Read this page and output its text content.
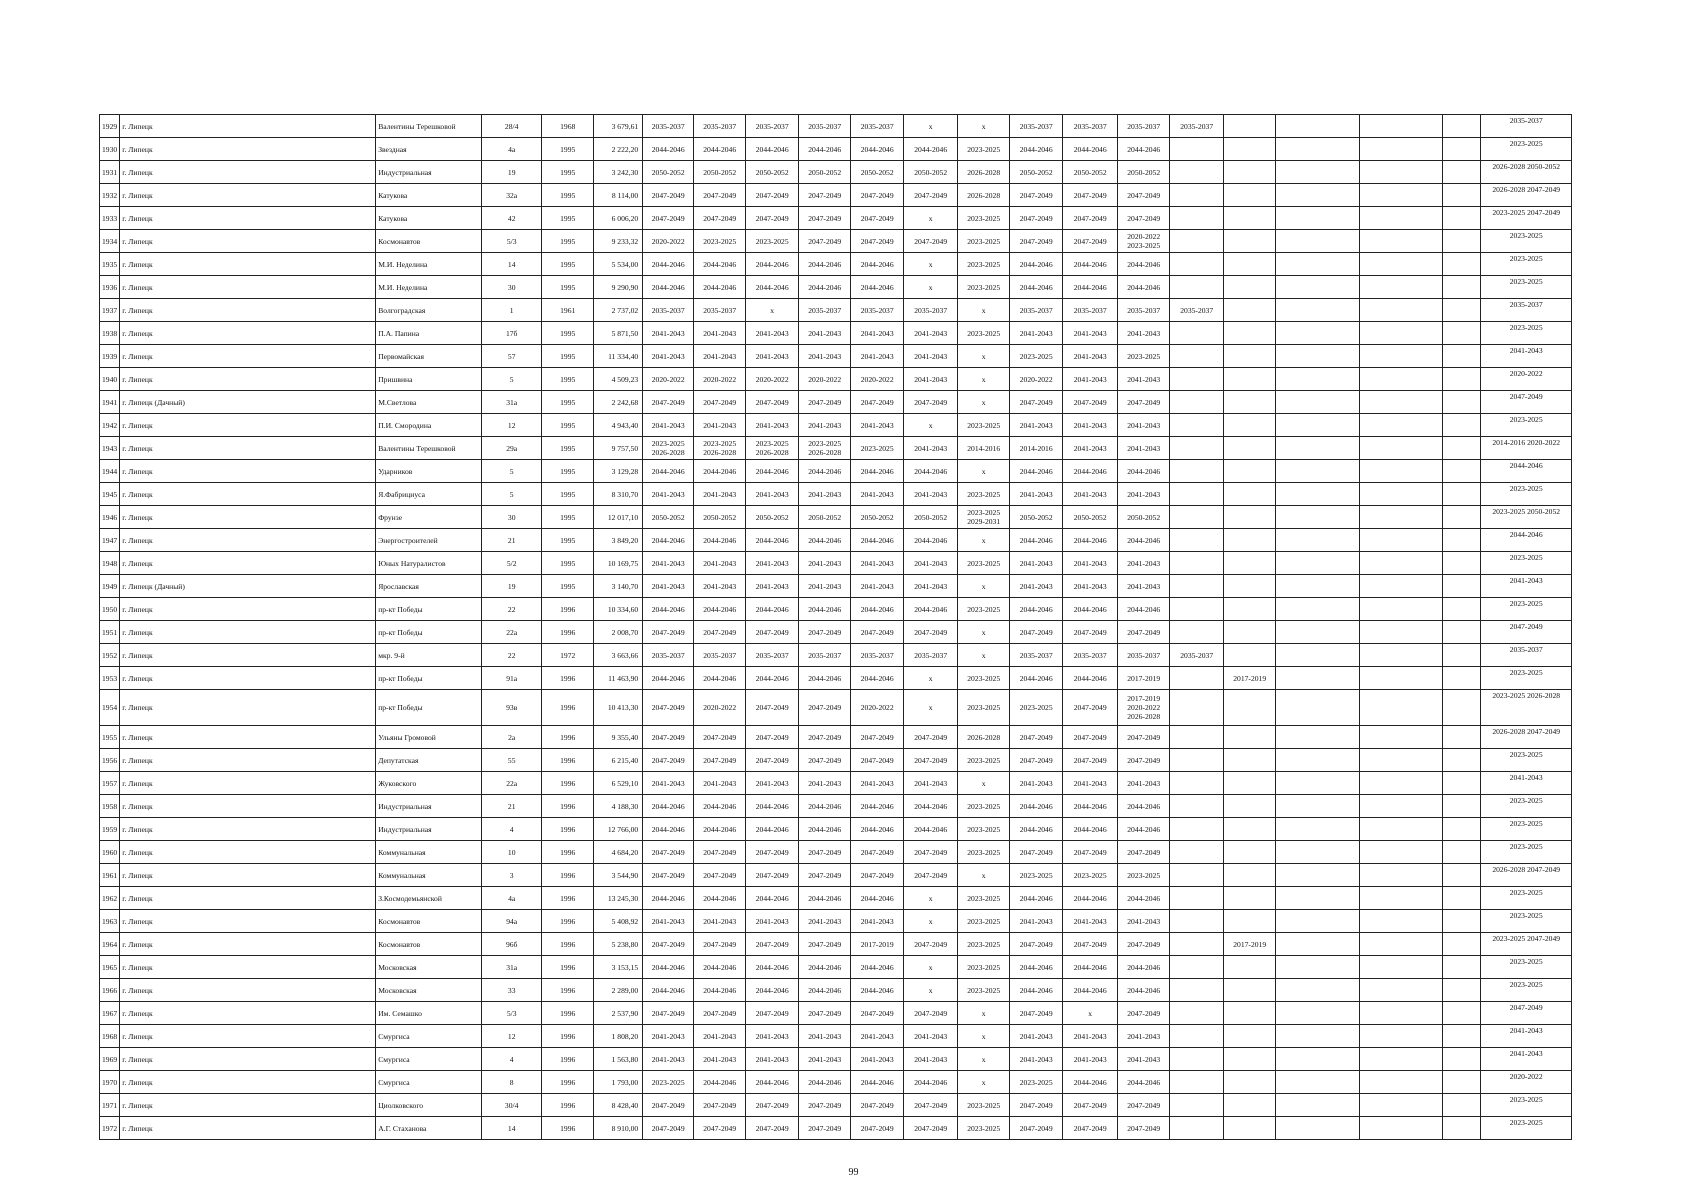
1929	г. Липецк	Валентины Терешковой	28/4	1968	3 679,61	2035-2037	2035-2037	2035-2037	2035-2037	2035-2037	х	х	2035-2037	2035-2037	2035-2037	2035-2037					2035-2037
1930	г. Липецк	Звездная	4а	1995	2 222,20	2044-2046	2044-2046	2044-2046	2044-2046	2044-2046	2044-2046	2023-2025	2044-2046	2044-2046	2044-2046						2023-2025
1931	г. Липецк	Индустриальная	19	1995	3 242,30	2050-2052	2050-2052	2050-2052	2050-2052	2050-2052	2050-2052	2026-2028	2050-2052	2050-2052	2050-2052						2026-2028 2050-2052
1932	г. Липецк	Катукова	32а	1995	8 114,00	2047-2049	2047-2049	2047-2049	2047-2049	2047-2049	2047-2049	2026-2028	2047-2049	2047-2049	2047-2049						2026-2028 2047-2049
1933	г. Липецк	Катукова	42	1995	6 006,20	2047-2049	2047-2049	2047-2049	2047-2049	2047-2049	х	2023-2025	2047-2049	2047-2049	2047-2049						2023-2025 2047-2049
1934	г. Липецк	Космонавтов	5/3	1995	9 233,32	2020-2022	2023-2025	2023-2025	2047-2049	2047-2049	2047-2049	2023-2025	2047-2049	2047-2049	2020-2022 2023-2025						2023-2025
1935	г. Липецк	М.И. Неделина	14	1995	5 534,00	2044-2046	2044-2046	2044-2046	2044-2046	2044-2046	х	2023-2025	2044-2046	2044-2046	2044-2046						2023-2025
1936	г. Липецк	М.И. Неделина	30	1995	9 290,90	2044-2046	2044-2046	2044-2046	2044-2046	2044-2046	х	2023-2025	2044-2046	2044-2046	2044-2046						2023-2025
1937	г. Липецк	Волгоградская	1	1961	2 737,02	2035-2037	2035-2037	х	2035-2037	2035-2037	2035-2037	х	2035-2037	2035-2037	2035-2037	2035-2037					2035-2037
1938	г. Липецк	П.А. Папина	17б	1995	5 871,50	2041-2043	2041-2043	2041-2043	2041-2043	2041-2043	2041-2043	2023-2025	2041-2043	2041-2043	2041-2043						2023-2025
1939	г. Липецк	Первомайская	57	1995	11 334,40	2041-2043	2041-2043	2041-2043	2041-2043	2041-2043	2041-2043	х	2023-2025	2041-2043	2023-2025						2041-2043
1940	г. Липецк	Пришвина	5	1995	4 509,23	2020-2022	2020-2022	2020-2022	2020-2022	2020-2022	2041-2043	х	2020-2022	2041-2043	2041-2043						2020-2022
1941	г. Липецк (Дачный)	М.Светлова	31а	1995	2 242,68	2047-2049	2047-2049	2047-2049	2047-2049	2047-2049	2047-2049	х	2047-2049	2047-2049	2047-2049						2047-2049
1942	г. Липецк	П.И. Смородина	12	1995	4 943,40	2041-2043	2041-2043	2041-2043	2041-2043	2041-2043	х	2023-2025	2041-2043	2041-2043	2041-2043						2023-2025
1943	г. Липецк	Валентины Терешковой	29а	1995	9 757,50	2023-2025 2026-2028	2023-2025 2026-2028	2023-2025 2026-2028	2023-2025 2026-2028	2023-2025	2041-2043	2014-2016	2014-2016	2041-2043	2041-2043						2014-2016 2020-2022
1944	г. Липецк	Ударников	5	1995	3 129,28	2044-2046	2044-2046	2044-2046	2044-2046	2044-2046	2044-2046	х	2044-2046	2044-2046	2044-2046						2044-2046
1945	г. Липецк	Я.Фабрициуса	5	1995	8 310,70	2041-2043	2041-2043	2041-2043	2041-2043	2041-2043	2041-2043	2023-2025	2041-2043	2041-2043	2041-2043						2023-2025
1946	г. Липецк	Фрунзе	30	1995	12 017,10	2050-2052	2050-2052	2050-2052	2050-2052	2050-2052	2050-2052	2023-2025 2029-2031	2050-2052	2050-2052	2050-2052						2023-2025 2050-2052
1947	г. Липецк	Энергостроителей	21	1995	3 849,20	2044-2046	2044-2046	2044-2046	2044-2046	2044-2046	2044-2046	х	2044-2046	2044-2046	2044-2046						2044-2046
1948	г. Липецк	Юных Натуралистов	5/2	1995	10 169,75	2041-2043	2041-2043	2041-2043	2041-2043	2041-2043	2041-2043	2023-2025	2041-2043	2041-2043	2041-2043						2023-2025
1949	г. Липецк (Дачный)	Ярославская	19	1995	3 140,70	2041-2043	2041-2043	2041-2043	2041-2043	2041-2043	2041-2043	х	2041-2043	2041-2043	2041-2043						2041-2043
1950	г. Липецк	пр-кт Победы	22	1996	10 334,60	2044-2046	2044-2046	2044-2046	2044-2046	2044-2046	2044-2046	2023-2025	2044-2046	2044-2046	2044-2046						2023-2025
1951	г. Липецк	пр-кт Победы	22а	1996	2 008,70	2047-2049	2047-2049	2047-2049	2047-2049	2047-2049	2047-2049	х	2047-2049	2047-2049	2047-2049						2047-2049
1952	г. Липецк	мкр. 9-й	22	1972	3 663,66	2035-2037	2035-2037	2035-2037	2035-2037	2035-2037	2035-2037	х	2035-2037	2035-2037	2035-2037	2035-2037					2035-2037
1953	г. Липецк	пр-кт Победы	91а	1996	11 463,90	2044-2046	2044-2046	2044-2046	2044-2046	2044-2046	х	2023-2025	2044-2046	2044-2046	2017-2019		2017-2019				2023-2025
1954	г. Липецк	пр-кт Победы	93в	1996	10 413,30	2047-2049	2020-2022	2047-2049	2047-2049	2020-2022	х	2023-2025	2023-2025	2047-2049	2017-2019 2020-2022 2026-2028						2023-2025 2026-2028
1955	г. Липецк	Ульяны Громовой	2а	1996	9 355,40	2047-2049	2047-2049	2047-2049	2047-2049	2047-2049	2047-2049	2026-2028	2047-2049	2047-2049	2047-2049						2026-2028 2047-2049
1956	г. Липецк	Депутатская	55	1996	6 215,40	2047-2049	2047-2049	2047-2049	2047-2049	2047-2049	2047-2049	2023-2025	2047-2049	2047-2049	2047-2049						2023-2025
1957	г. Липецк	Жуковского	22а	1996	6 529,10	2041-2043	2041-2043	2041-2043	2041-2043	2041-2043	2041-2043	х	2041-2043	2041-2043	2041-2043						2041-2043
1958	г. Липецк	Индустриальная	21	1996	4 188,30	2044-2046	2044-2046	2044-2046	2044-2046	2044-2046	2044-2046	2023-2025	2044-2046	2044-2046	2044-2046						2023-2025
1959	г. Липецк	Индустриальная	4	1996	12 766,00	2044-2046	2044-2046	2044-2046	2044-2046	2044-2046	2044-2046	2023-2025	2044-2046	2044-2046	2044-2046						2023-2025
1960	г. Липецк	Коммунальная	10	1996	4 684,20	2047-2049	2047-2049	2047-2049	2047-2049	2047-2049	2047-2049	2023-2025	2047-2049	2047-2049	2047-2049						2023-2025
1961	г. Липецк	Коммунальная	3	1996	3 544,90	2047-2049	2047-2049	2047-2049	2047-2049	2047-2049	2047-2049	х	2023-2025	2023-2025	2023-2025						2026-2028 2047-2049
1962	г. Липецк	З.Космодемьянской	4а	1996	13 245,30	2044-2046	2044-2046	2044-2046	2044-2046	2044-2046	х	2023-2025	2044-2046	2044-2046	2044-2046						2023-2025
1963	г. Липецк	Космонавтов	94а	1996	5 408,92	2041-2043	2041-2043	2041-2043	2041-2043	2041-2043	х	2023-2025	2041-2043	2041-2043	2041-2043						2023-2025
1964	г. Липецк	Космонавтов	96б	1996	5 238,80	2047-2049	2047-2049	2047-2049	2047-2049	2017-2019	2047-2049	2023-2025	2047-2049	2047-2049	2047-2049		2017-2019				2023-2025 2047-2049
1965	г. Липецк	Московская	31а	1996	3 153,15	2044-2046	2044-2046	2044-2046	2044-2046	2044-2046	х	2023-2025	2044-2046	2044-2046	2044-2046						2023-2025
1966	г. Липецк	Московская	33	1996	2 289,00	2044-2046	2044-2046	2044-2046	2044-2046	2044-2046	х	2023-2025	2044-2046	2044-2046	2044-2046						2023-2025
1967	г. Липецк	Им. Семашко	5/3	1996	2 537,90	2047-2049	2047-2049	2047-2049	2047-2049	2047-2049	2047-2049	х	2047-2049	х	2047-2049						2047-2049
1968	г. Липецк	Смургиса	12	1996	1 808,20	2041-2043	2041-2043	2041-2043	2041-2043	2041-2043	2041-2043	х	2041-2043	2041-2043	2041-2043						2041-2043
1969	г. Липецк	Смургиса	4	1996	1 563,80	2041-2043	2041-2043	2041-2043	2041-2043	2041-2043	2041-2043	х	2041-2043	2041-2043	2041-2043						2041-2043
1970	г. Липецк	Смургиса	8	1996	1 793,00	2023-2025	2044-2046	2044-2046	2044-2046	2044-2046	2044-2046	х	2023-2025	2044-2046	2044-2046						2020-2022
1971	г. Липецк	Циолковского	30/4	1996	8 428,40	2047-2049	2047-2049	2047-2049	2047-2049	2047-2049	2047-2049	2023-2025	2047-2049	2047-2049	2047-2049						2023-2025
1972	г. Липецк	А.Г. Стаханова	14	1996	8 910,00	2047-2049	2047-2049	2047-2049	2047-2049	2047-2049	2047-2049	2023-2025	2047-2049	2047-2049	2047-2049						2023-2025
99
